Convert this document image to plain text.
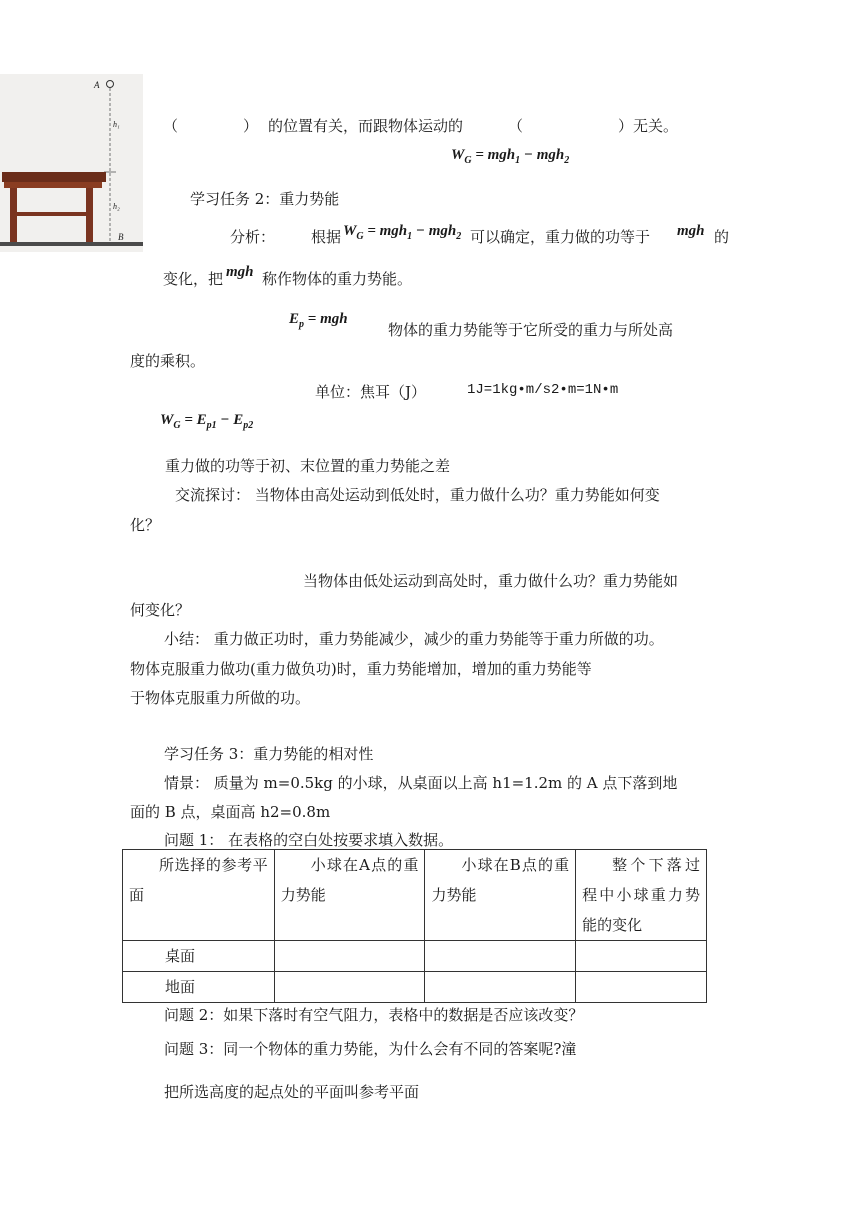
A
h₁
h₂
B
（	） 的位置有关，而跟物体运动的	（	）无关。
$W_G = mgh_1 - mgh_2$
学习任务 2：重力势能
分析： 根据 $W_G = mgh_1 - mgh_2$ 可以确定，重力做的功等于 mgh 的
变化，把 mgh 称作物体的重力势能。
$E_p$ = mgh
物体的重力势能等于它所受的重力与所处高
度的乘积。
单位：焦耳（J）	1J=1kg•m/s2•m=1N•m
$W_G = E_{p1} - E_{p2}$
重力做的功等于初、末位置的重力势能之差
交流探讨： 当物体由高处运动到低处时，重力做什么功？重力势能如何变
化？
当物体由低处运动到高处时，重力做什么功？重力势能如
何变化？
小结： 重力做正功时，重力势能减少，减少的重力势能等于重力所做的功。
物体克服重力做功(重力做负功)时，重力势能增加，增加的重力势能等
于物体克服重力所做的功。
学习任务 3：重力势能的相对性
情景： 质量为 m=0.5kg 的小球，从桌面以上高 h1=1.2m 的 A 点下落到地
面的 B 点，桌面高 h2=0.8m
问题 1： 在表格的空白处按要求填入数据。
所选择的参考平面	小球在A点的重力势能	小球在B点的重力势能	整个下落过程中小球重力势能的变化
桌面			
地面			
问题 2：如果下落时有空气阻力，表格中的数据是否应该改变？
问题 3：同一个物体的重力势能，为什么会有不同的答案呢?潼
把所选高度的起点处的平面叫参考平面
